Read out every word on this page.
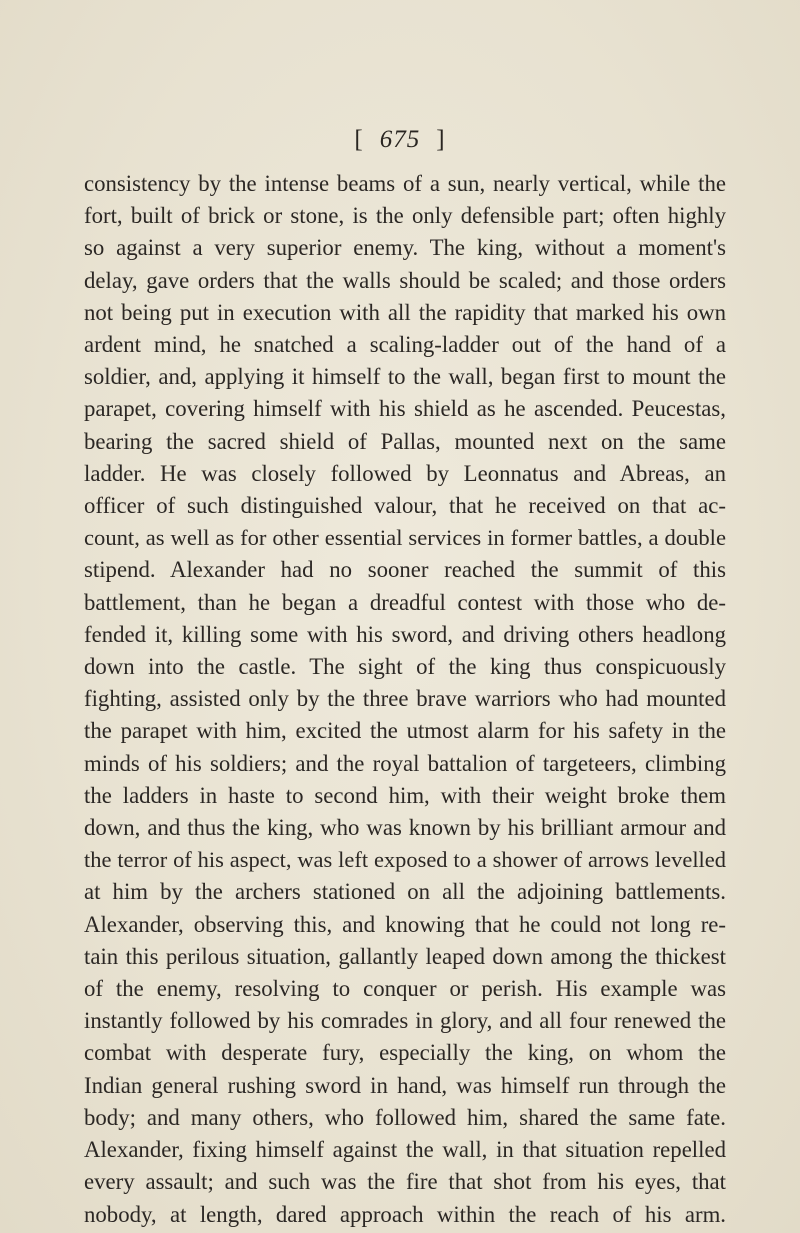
[ 675 ]
consistency by the intense beams of a sun, nearly vertical, while the
fort, built of brick or stone, is the only defensible part; often highly
so against a very superior enemy. The king, without a moment's
delay, gave orders that the walls should be scaled; and those orders
not being put in execution with all the rapidity that marked his own
ardent mind, he snatched a scaling-ladder out of the hand of a
soldier, and, applying it himself to the wall, began first to mount the
parapet, covering himself with his shield as he ascended. Peucestas,
bearing the sacred shield of Pallas, mounted next on the same
ladder. He was closely followed by Leonnatus and Abreas, an
officer of such distinguished valour, that he received on that ac-
count, as well as for other essential services in former battles, a double
stipend. Alexander had no sooner reached the summit of this
battlement, than he began a dreadful contest with those who de-
fended it, killing some with his sword, and driving others headlong
down into the castle. The sight of the king thus conspicuously
fighting, assisted only by the three brave warriors who had mounted
the parapet with him, excited the utmost alarm for his safety in the
minds of his soldiers; and the royal battalion of targeteers, climbing
the ladders in haste to second him, with their weight broke them
down, and thus the king, who was known by his brilliant armour and
the terror of his aspect, was left exposed to a shower of arrows levelled
at him by the archers stationed on all the adjoining battlements.
Alexander, observing this, and knowing that he could not long re-
tain this perilous situation, gallantly leaped down among the thickest
of the enemy, resolving to conquer or perish. His example was
instantly followed by his comrades in glory, and all four renewed the
combat with desperate fury, especially the king, on whom the
Indian general rushing sword in hand, was himself run through the
body; and many others, who followed him, shared the same fate.
Alexander, fixing himself against the wall, in that situation repelled
every assault; and such was the fire that shot from his eyes, that
nobody, at length, dared approach within the reach of his arm.
